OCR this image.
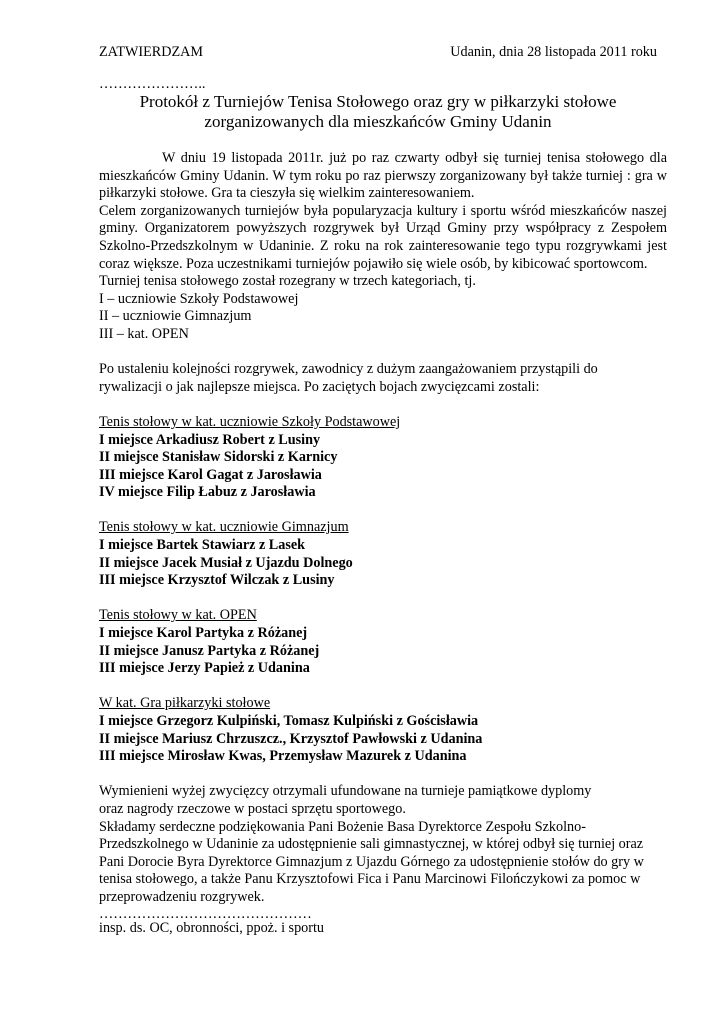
ZATWIERDZAM	Udanin, dnia 28 listopada 2011 roku
…………………..
Protokół z Turniejów Tenisa Stołowego oraz gry w piłkarzyki stołowe
zorganizowanych dla mieszkańców Gminy Udanin

W dniu 19 listopada 2011r. już po raz czwarty odbył się turniej tenisa stołowego dla mieszkańców Gminy Udanin. W tym roku po raz pierwszy zorganizowany był także turniej : gra w piłkarzyki stołowe. Gra ta cieszyła się wielkim zainteresowaniem.

Celem zorganizowanych turniejów była popularyzacja kultury i sportu wśród mieszkańców naszej gminy. Organizatorem powyższych rozgrywek był Urząd Gminy przy współpracy z Zespołem Szkolno-Przedszkolnym w Udaninie. Z roku na rok zainteresowanie tego typu rozgrywkami jest coraz większe. Poza uczestnikami turniejów pojawiło się wiele osób, by kibicować sportowcom.

Turniej tenisa stołowego został rozegrany w trzech kategoriach, tj.

I – uczniowie Szkoły Podstawowej

II – uczniowie Gimnazjum

III – kat. OPEN

Po ustaleniu kolejności rozgrywek, zawodnicy z dużym zaangażowaniem przystąpili do rywalizacji o jak najlepsze miejsca. Po zaciętych bojach zwycięzcami zostali:

Tenis stołowy w kat. uczniowie Szkoły Podstawowej

I miejsce Arkadiusz Robert z Lusiny

II miejsce Stanisław Sidorski z Karnicy

III miejsce Karol Gagat z Jarosławia

IV miejsce Filip Łabuz z Jarosławia

Tenis stołowy w kat. uczniowie Gimnazjum

I miejsce Bartek Stawiarz z Lasek

II miejsce Jacek Musiał z Ujazdu Dolnego

III miejsce Krzysztof Wilczak z Lusiny

Tenis stołowy w kat. OPEN

I miejsce Karol Partyka z Różanej

II miejsce Janusz Partyka z Różanej

III miejsce Jerzy Papież z Udanina

W kat. Gra piłkarzyki stołowe

I miejsce Grzegorz Kulpiński, Tomasz Kulpiński z Gościsławia

II miejsce Mariusz Chrzuszcz., Krzysztof Pawłowski z Udanina

III miejsce Mirosław Kwas, Przemysław Mazurek z Udanina

Wymienieni wyżej zwycięzcy otrzymali ufundowane na turnieje pamiątkowe dyplomy oraz nagrody rzeczowe w postaci sprzętu sportowego.

Składamy serdeczne podziękowania Pani Bożenie Basa Dyrektorce Zespołu Szkolno-Przedszkolnego w Udaninie za udostępnienie sali gimnastycznej, w której odbył się turniej oraz Pani Dorocie Byra Dyrektorce Gimnazjum z Ujazdu Górnego za udostępnienie stołów do gry w tenisa stołowego, a także Panu Krzysztofowi Fica i Panu Marcinowi Filończykowi za pomoc w przeprowadzeniu rozgrywek.

………………………………………
insp. ds. OC, obronności, ppoż. i sportu
